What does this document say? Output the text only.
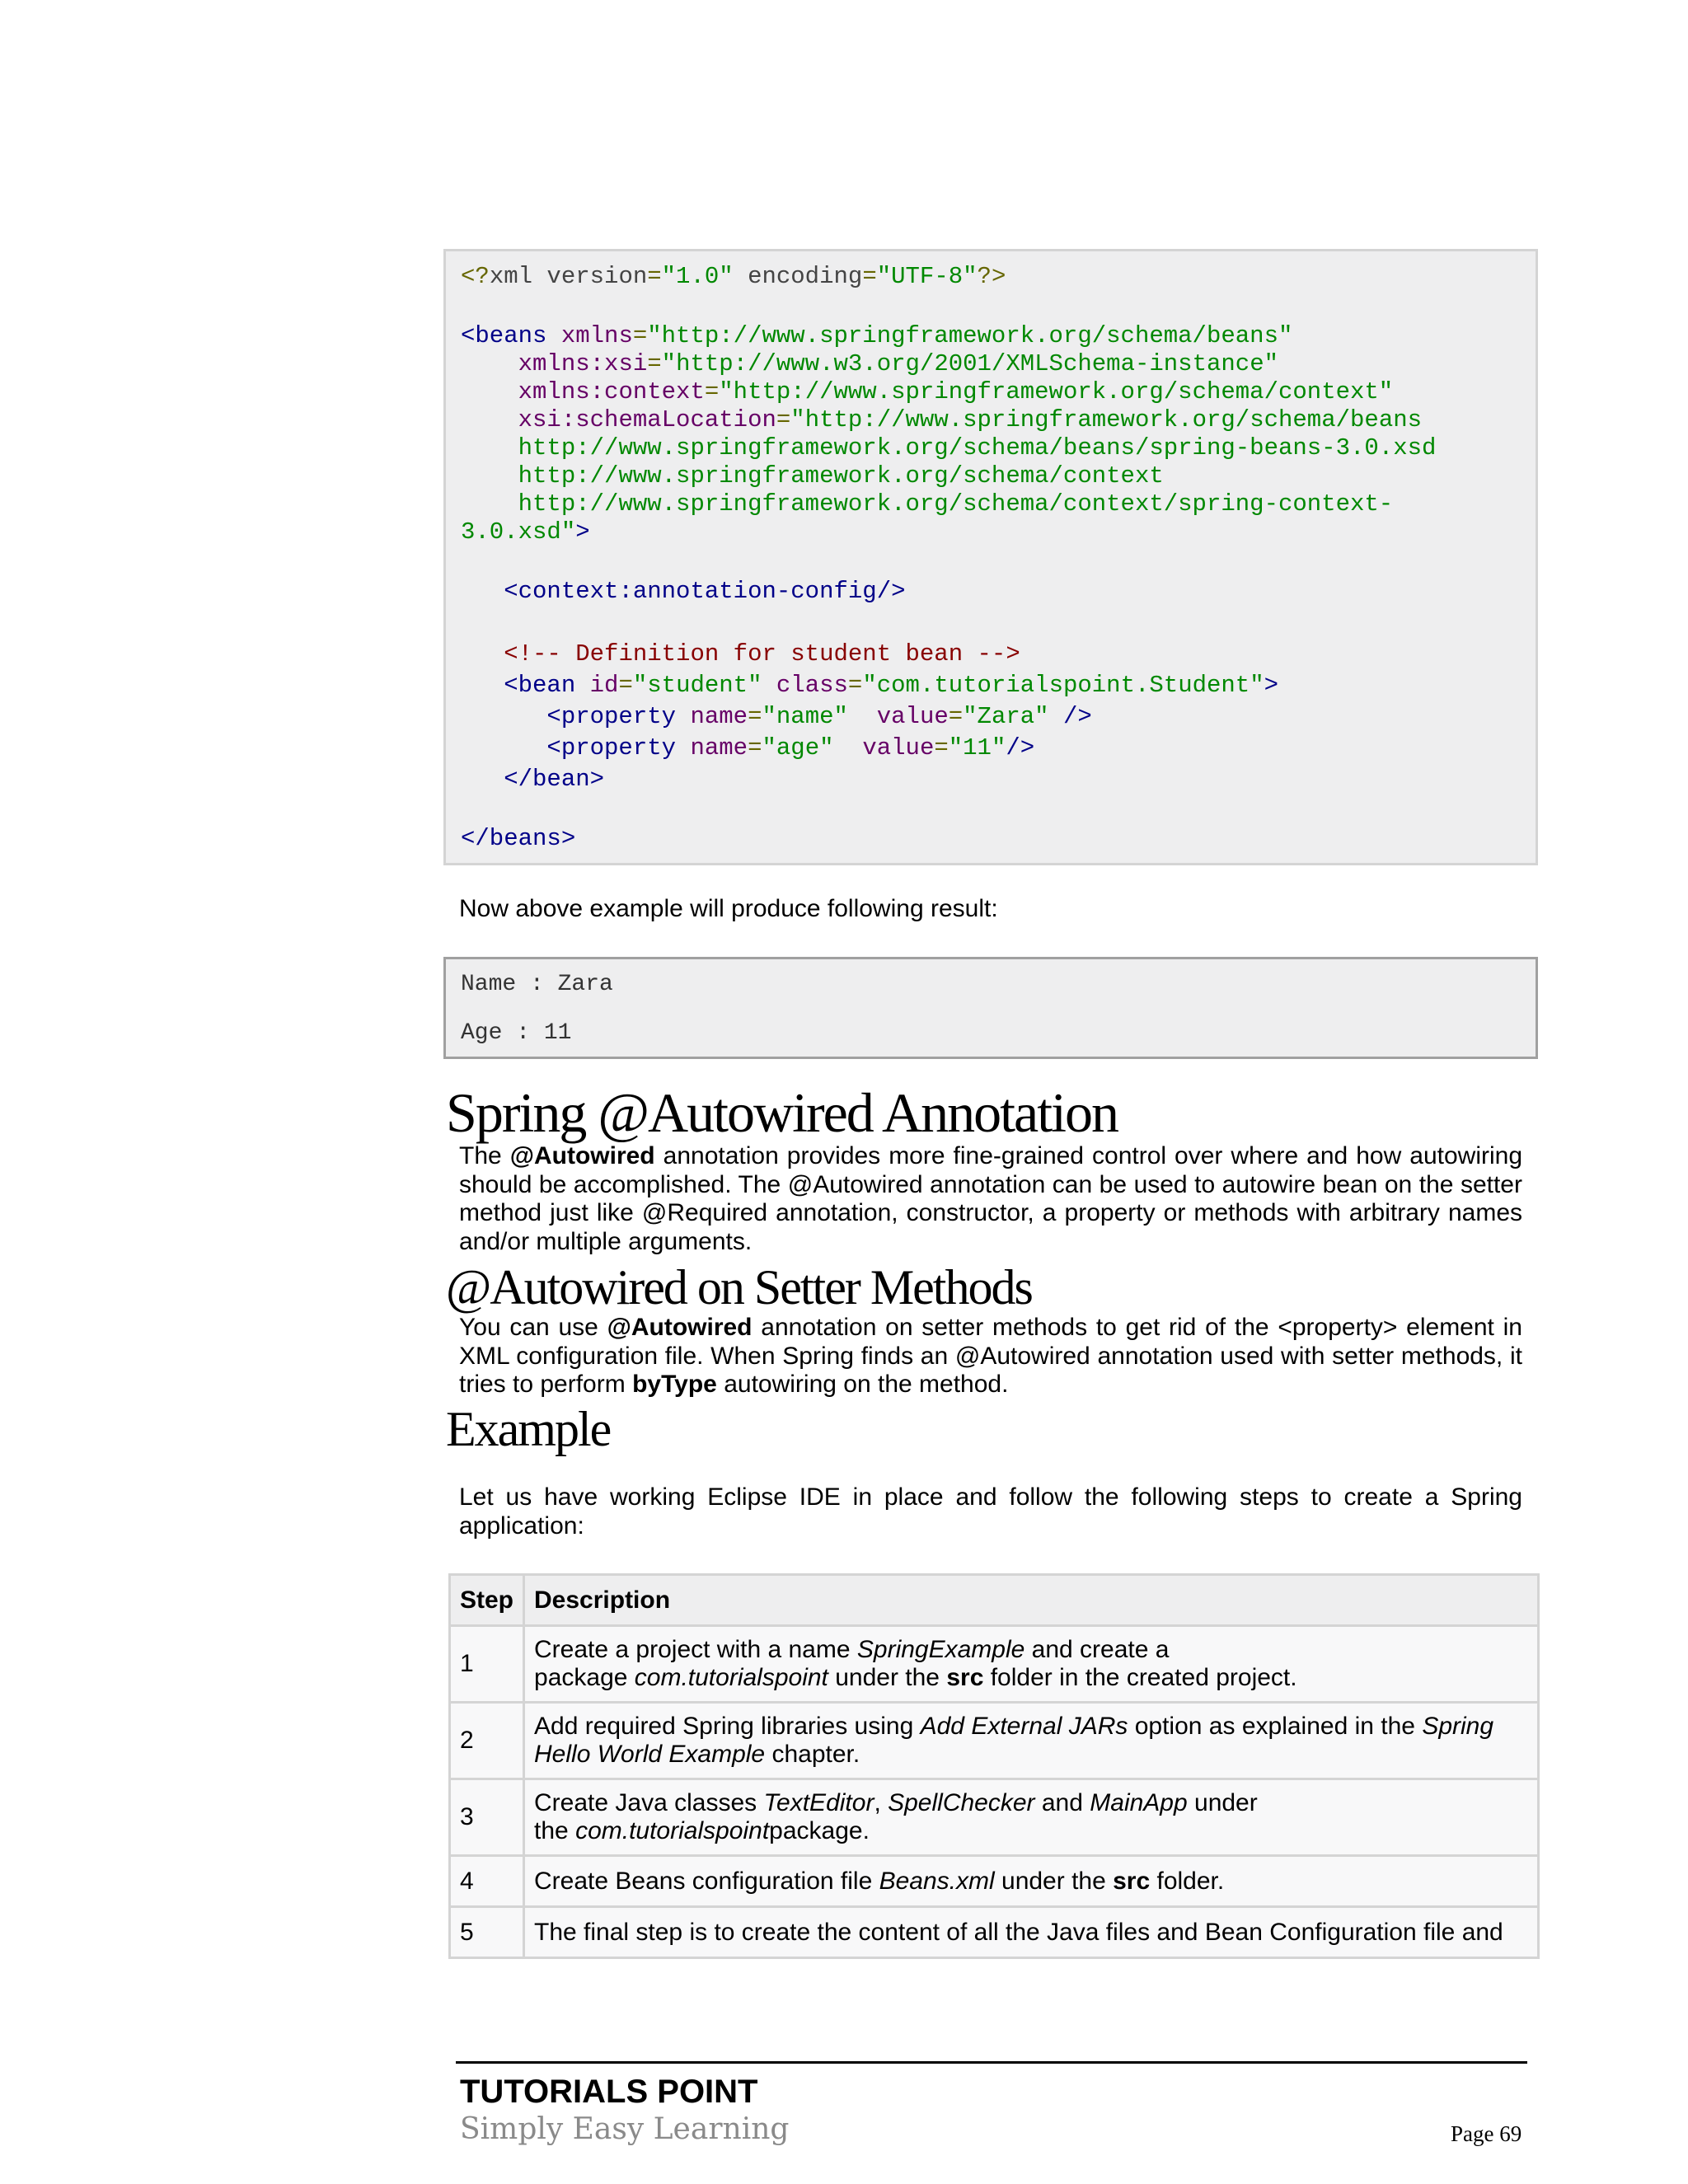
<?xml version="1.0" encoding="UTF-8"?>
<beans xmlns="http://www.springframework.org/schema/beans"
xmlns:xsi="http://www.w3.org/2001/XMLSchema-instance"
xmlns:context="http://www.springframework.org/schema/context"
xsi:schemaLocation="http://www.springframework.org/schema/beans
http://www.springframework.org/schema/beans/spring-beans-3.0.xsd
http://www.springframework.org/schema/context
http://www.springframework.org/schema/context/spring-context-
3.0.xsd">
<context:annotation-config/>
<!-- Definition for student bean -->
<bean id="student" class="com.tutorialspoint.Student">
<property name="name" value="Zara" />
<property name="age" value="11"/>
</bean>
</beans>
Now above example will produce following result:
Name : Zara
Age : 11
Spring @Autowired Annotation
The @Autowired annotation provides more fine-grained control over where and how autowiring should be accomplished. The @Autowired annotation can be used to autowire bean on the setter method just like @Required annotation, constructor, a property or methods with arbitrary names and/or multiple arguments.
@Autowired on Setter Methods
You can use @Autowired annotation on setter methods to get rid of the <property> element in XML configuration file. When Spring finds an @Autowired annotation used with setter methods, it tries to perform byType autowiring on the method.
Example
Let us have working Eclipse IDE in place and follow the following steps to create a Spring application:
Step	Description
1	Create a project with a name SpringExample and create a
package com.tutorialspoint under the src folder in the created project.
2	Add required Spring libraries using Add External JARs option as explained in the Spring Hello World Example chapter.
3	Create Java classes TextEditor, SpellChecker and MainApp under
the com.tutorialspointpackage.
4	Create Beans configuration file Beans.xml under the src folder.
5	The final step is to create the content of all the Java files and Bean Configuration file and
TUTORIALS POINT
Simply Easy Learning	Page 69
